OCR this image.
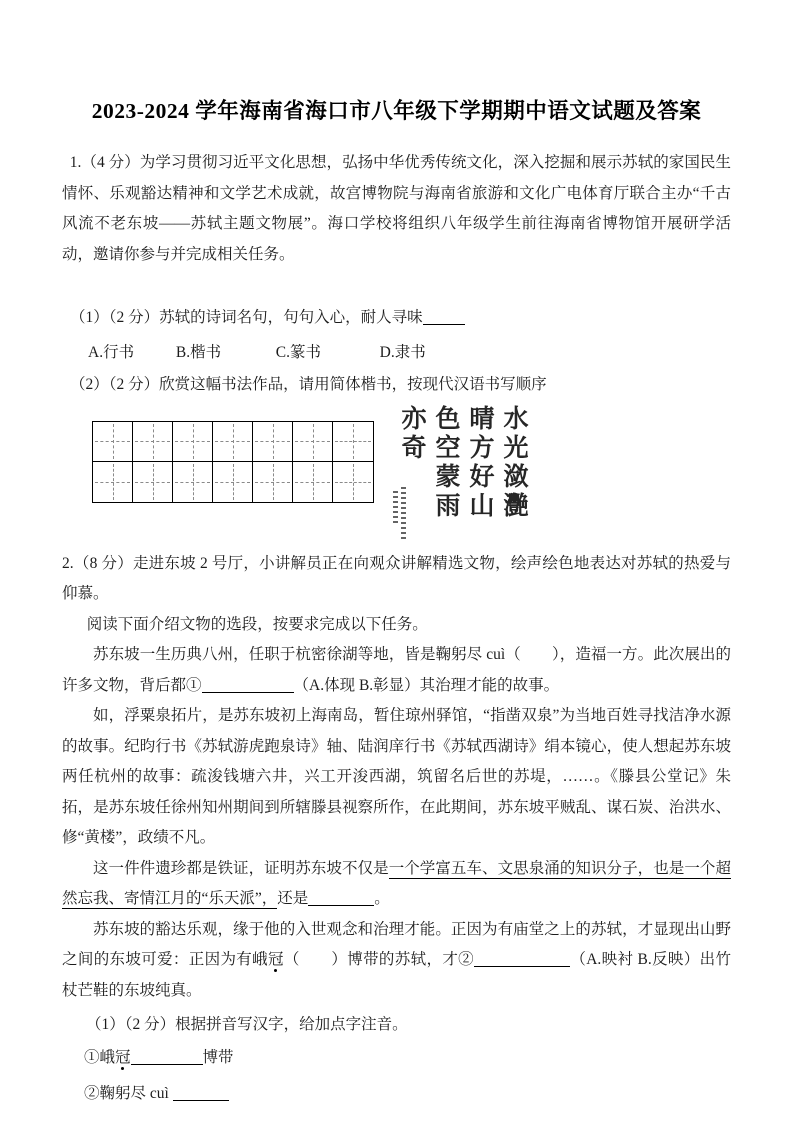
2023-2024 学年海南省海口市八年级下学期期中语文试题及答案

1.（4 分）为学习贯彻习近平文化思想，弘扬中华优秀传统文化，深入挖掘和展示苏轼的家国民生情怀、乐观豁达精神和文学艺术成就，故宫博物院与海南省旅游和文化广电体育厅联合主办“千古风流不老东坡——苏轼主题文物展”。海口学校将组织八年级学生前往海南省博物馆开展研学活动，邀请你参与并完成相关任务。

（1）（2 分）苏轼的诗词名句，句句入心，耐人寻味

A.行书	B.楷书	C.篆书	D.隶书

（2）（2 分）欣赏这幅书法作品，请用简体楷书，按现代汉语书写顺序

水光潋灧晴方好山色空蒙雨亦奇

2.（8 分）走进东坡 2 号厅，小讲解员正在向观众讲解精选文物，绘声绘色地表达对苏轼的热爱与仰慕。

阅读下面介绍文物的选段，按要求完成以下任务。

苏东坡一生历典八州，任职于杭密徐湖等地，皆是鞠躬尽 cuì（　　），造福一方。此次展出的许多文物，背后都①	（A.体现 B.彰显）其治理才能的故事。

如，浮粟泉拓片，是苏东坡初上海南岛，暂住琼州驿馆，“指凿双泉”为当地百姓寻找洁净水源的故事。纪昀行书《苏轼游虎跑泉诗》轴、陆润庠行书《苏轼西湖诗》绢本镜心，使人想起苏东坡两任杭州的故事：疏浚钱塘六井，兴工开浚西湖，筑留名后世的苏堤，……。《滕县公堂记》朱拓，是苏东坡任徐州知州期间到所辖滕县视察所作，在此期间，苏东坡平贼乱、谋石炭、治洪水、修“黄楼”，政绩不凡。

这一件件遗珍都是铁证，证明苏东坡不仅是一个学富五车、文思泉涌的知识分子，也是一个超然忘我、寄情江月的“乐天派”，还是	。

苏东坡的豁达乐观，缘于他的入世观念和治理才能。正因为有庙堂之上的苏轼，才显现出山野之间的东坡可爱：正因为有峨冠（　　）博带的苏轼，才②	（A.映衬 B.反映）出竹杖芒鞋的东坡纯真。

（1）（2 分）根据拼音写汉字，给加点字注音。

①峨冠	博带

②鞠躬尽 cuì
